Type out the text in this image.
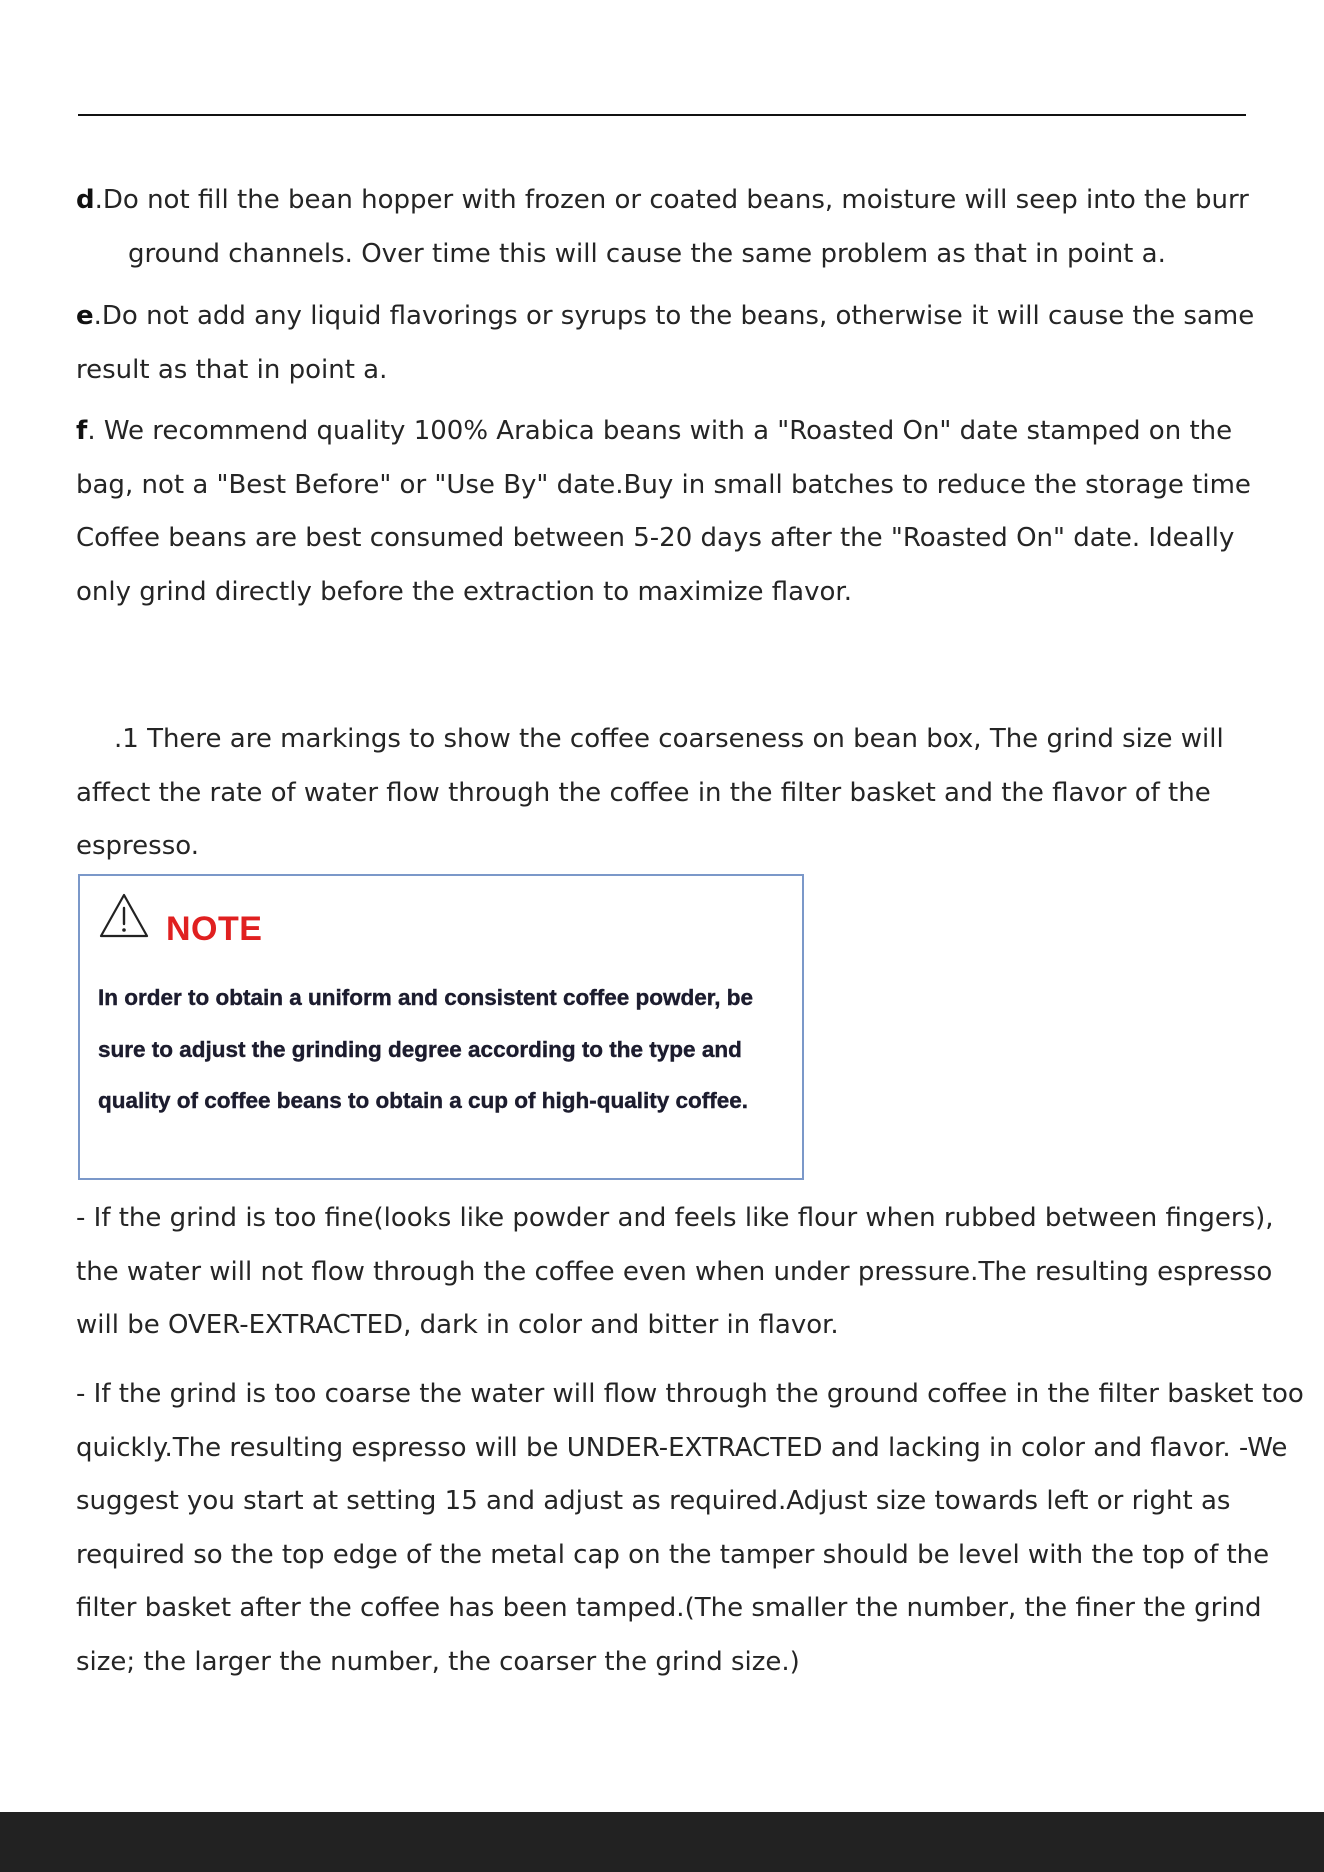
d.Do not fill the bean hopper with frozen or coated beans, moisture will seep into the burr
ground channels. Over time this will cause the same problem as that in point a.
e.Do not add any liquid flavorings or syrups to the beans, otherwise it will cause the same result as that in point a.
f. We recommend quality 100% Arabica beans with a "Roasted On" date stamped on the bag, not a "Best Before" or "Use By" date.Buy in small batches to reduce the storage time Coffee beans are best consumed between 5-20 days after the "Roasted On" date. Ideally only grind directly before the extraction to maximize flavor.
.1 There are markings to show the coffee coarseness on bean box, The grind size will affect the rate of water flow through the coffee in the filter basket and the flavor of the espresso.
NOTE
In order to obtain a uniform and consistent coffee powder, be sure to adjust the grinding degree according to the type and quality of coffee beans to obtain a cup of high-quality coffee.
- If the grind is too fine(looks like powder and feels like flour when rubbed between fingers), the water will not flow through the coffee even when under pressure.The resulting espresso will be OVER-EXTRACTED, dark in color and bitter in flavor.
- If the grind is too coarse the water will flow through the ground coffee in the filter basket too quickly.The resulting espresso will be UNDER-EXTRACTED and lacking in color and flavor. -We suggest you start at setting 15 and adjust as required.Adjust size towards left or right as required so the top edge of the metal cap on the tamper should be level with the top of the filter basket after the coffee has been tamped.(The smaller the number, the finer the grind size; the larger the number, the coarser the grind size.)
